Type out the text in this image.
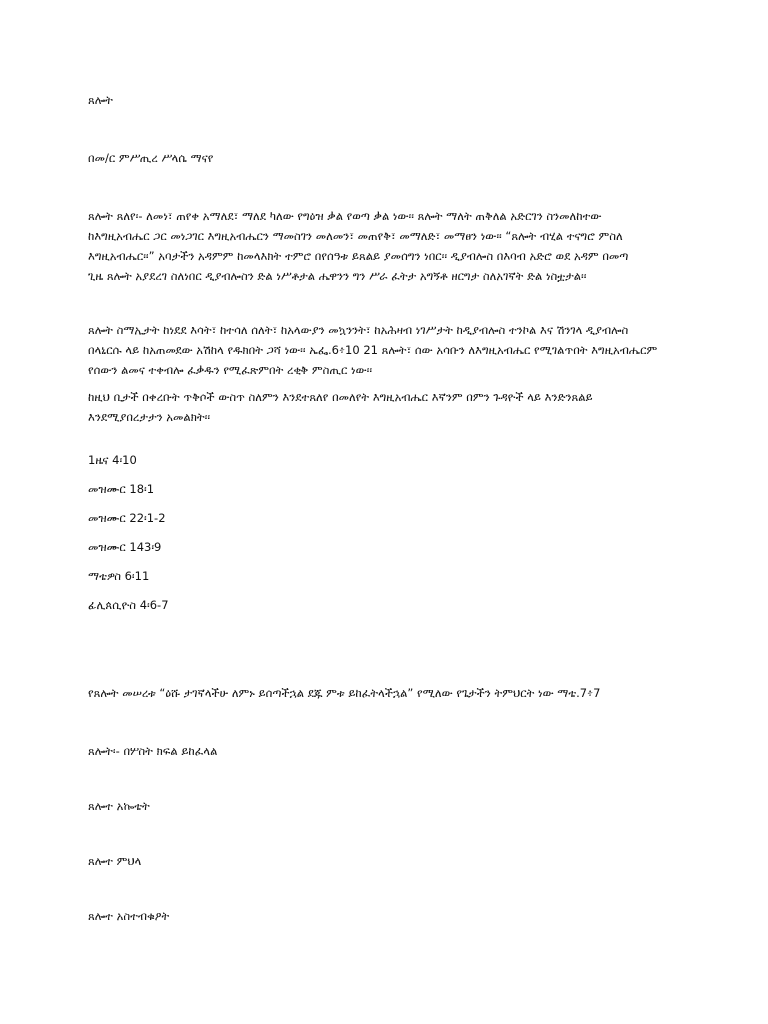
ጸሎት

በመ/ር ምሥጢረ ሥላሴ ማናየ

ጸሎት ጸለየ፡- ለመነ፣ ጠየቀ አማለደ፣ ማለደ ካለው የግዕዝ ቃል የወጣ ቃል ነው፡፡ ጸሎት ማለት ጠቅለል አድርገን ስንመለከተው
ከእግዚአብሔር ጋር መነጋገር እግዚአብሔርን ማመስገን መለመን፣ መጠየቅ፣ መማለድ፣ መማፀን ነው፡፡ “ጸሎት ብሂል ተናግሮ ምስለ
እግዚአብሔር፡፡” አባታችን አዳምም ከመላእክት ተምሮ በየሰዓቱ ይጸልይ ያመሰግን ነበር፡፡ ዲያብሎስ በእባብ አድሮ ወደ አዳም በመጣ
ጊዜ ጸሎት አያደረገ ስለነበር ዲያብሎስን ድል ነሥቶታል ሔዋንን ግን ሥራ ፈትታ አግኝቶ ዘርግታ ስለአገኛት ድል ነስቷታል፡፡
ጸሎት ስማኢታት ከነደደ እሳት፣ ከተሳለ ሰለት፣ ከአላውያን መኳንንት፣ ከአሕዛብ ነገሥታት ከዲያብሎስ ተንኮል እና ሽንገላ ዲያብሎስ
በላኒርሱ ላይ ከአጠመደው አሽከላ የዱክበት ጋሻ ነው፡፡ ኤፌ.6፥10 21 ጸሎት፣ ሰው አሳቡን ለእግዚአብሔር የሚገልጥበት እግዚአብሔርም
የሰውን ልመና ተቀብሎ ፈቃዱን የሚፈጽምበት ረቂቅ ምስጢር ነው፡፡
ከዚህ ቢታች በቀረቡት ጥቅሶች ውስጥ ስለምን እንደተጸለየ በመለየት እግዚአብሔር እኛንም በምን ጉዳዮች ላይ እንድንጸልይ
እንደሚያበረታታን አመልክት፡፡

1ዜና 4፡10

መዝሙር 18፡1

መዝሙር 22፡1-2

መዝሙር 143፡9

ማቴዎስ 6፡11

ፊሊጰሲዮስ 4፡6-7

የጸሎት መሠረቱ “ዕሹ ታገኛላችሁ ለምኑ ይሰጣችኋል ደጁ ምቱ ይከፈትላችኋል” የሚለው የጌታችን ትምህርት ነው ማቴ.7፥7

ጸሎት፡- በሦስት ክፍል ይከፈላል

ጸሎተ አኰቴት

ጸሎተ ምህላ

ጸሎተ አስተብቁዖት
